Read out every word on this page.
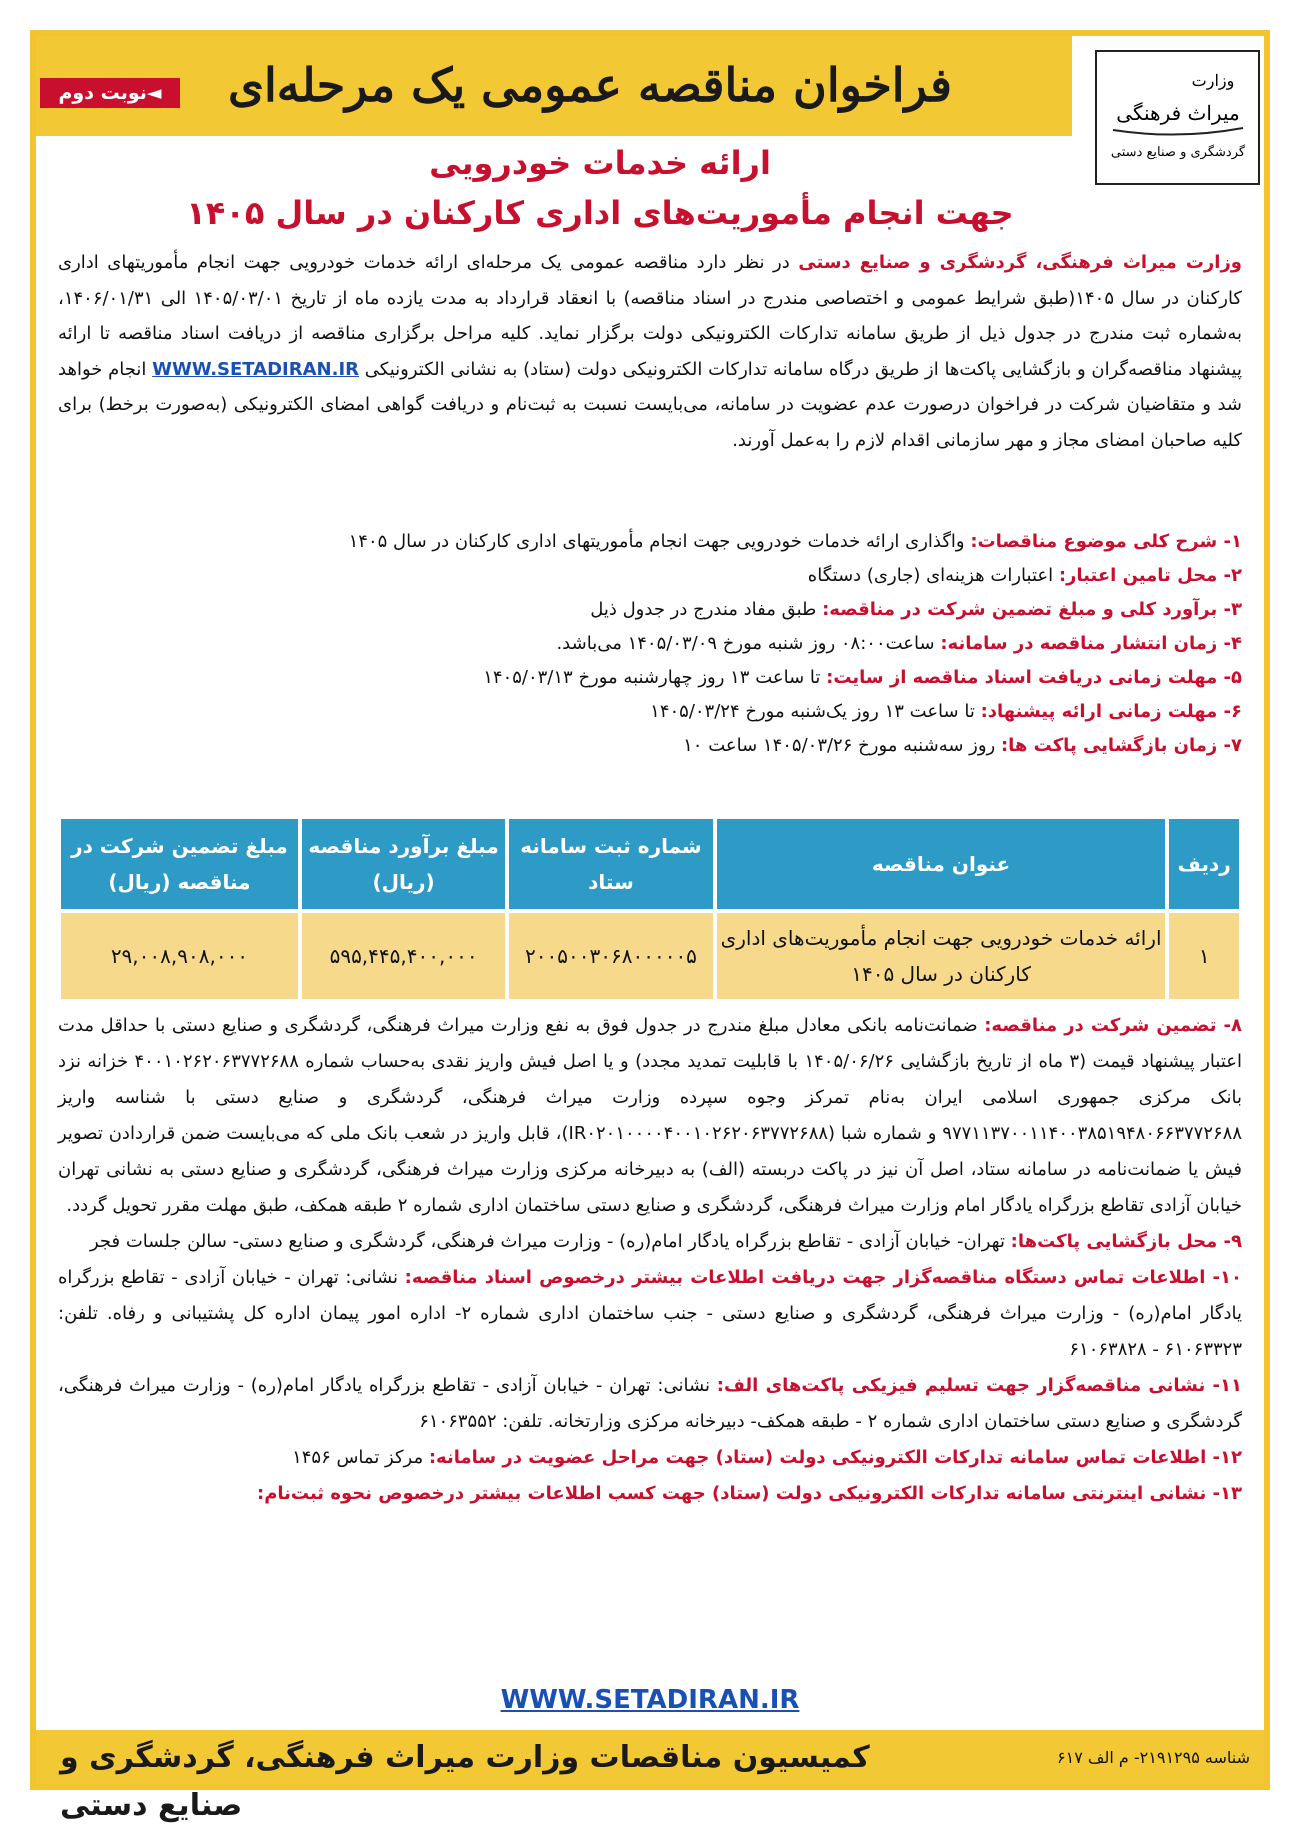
فراخوان مناقصه عمومی یک مرحله‌ای
◄نوبت دوم
وزارت
میراث فرهنگی
گردشگری و صنایع دستی
ارائه خدمات خودرویی
جهت انجام مأموریت‌های اداری کارکنان در سال ۱۴۰۵
وزارت میراث فرهنگی، گردشگری و صنایع دستی در نظر دارد مناقصه عمومی یک مرحله‌ای ارائه خدمات خودرویی جهت انجام مأموریتهای اداری کارکنان در سال ۱۴۰۵(طبق شرایط عمومی و اختصاصی مندرج در اسناد مناقصه) با انعقاد قرارداد به مدت یازده ماه از تاریخ ۱۴۰۵/۰۳/۰۱ الی ۱۴۰۶/۰۱/۳۱، به‌شماره ثبت مندرج در جدول ذیل از طریق سامانه تدارکات الکترونیکی دولت برگزار نماید. کلیه مراحل برگزاری مناقصه از دریافت اسناد مناقصه تا ارائه پیشنهاد مناقصه‌گران و بازگشایی پاکت‌ها از طریق درگاه سامانه تدارکات الکترونیکی دولت (ستاد) به نشانی الکترونیکی WWW.SETADIRAN.IR انجام خواهد شد و متقاضیان شرکت در فراخوان درصورت عدم عضویت در سامانه، می‌بایست نسبت به ثبت‌نام و دریافت گواهی امضای الکترونیکی (به‌صورت برخط) برای کلیه صاحبان امضای مجاز و مهر سازمانی اقدام لازم را به‌عمل آورند.
۱- شرح کلی موضوع مناقصات: واگذاری ارائه خدمات خودرویی جهت انجام مأموریتهای اداری کارکنان در سال ۱۴۰۵
۲- محل تامین اعتبار: اعتبارات هزینه‌ای (جاری) دستگاه
۳- برآورد کلی و مبلغ تضمین شرکت در مناقصه: طبق مفاد مندرج در جدول ذیل
۴- زمان انتشار مناقصه در سامانه: ساعت۰۸:۰۰ روز شنبه مورخ ۱۴۰۵/۰۳/۰۹ می‌باشد.
۵- مهلت زمانی دریافت اسناد مناقصه از سایت: تا ساعت ۱۳ روز چهارشنبه مورخ ۱۴۰۵/۰۳/۱۳
۶- مهلت زمانی ارائه پیشنهاد: تا ساعت ۱۳ روز یک‌شنبه مورخ ۱۴۰۵/۰۳/۲۴
۷- زمان بازگشایی پاکت ها: روز سه‌شنبه مورخ ۱۴۰۵/۰۳/۲۶ ساعت ۱۰
ردیف	عنوان مناقصه	شماره ثبت سامانه ستاد	مبلغ برآورد مناقصه (ریال)	مبلغ تضمین شرکت در مناقصه (ریال)
۱	ارائه خدمات خودرویی جهت انجام مأموریت‌های اداری کارکنان در سال ۱۴۰۵	۲۰۰۵۰۰۳۰۶۸۰۰۰۰۰۵	۵۹۵,۴۴۵,۴۰۰,۰۰۰	۲۹,۰۰۸,۹۰۸,۰۰۰

۸- تضمین شرکت در مناقصه: ضمانت‌نامه بانکی معادل مبلغ مندرج در جدول فوق به نفع وزارت میراث فرهنگی، گردشگری و صنایع دستی با حداقل مدت اعتبار پیشنهاد قیمت (۳ ماه از تاریخ بازگشایی ۱۴۰۵/۰۶/۲۶ با قابلیت تمدید مجدد) و یا اصل فیش واریز نقدی به‌حساب شماره ۴۰۰۱۰۲۶۲۰۶۳۷۷۲۶۸۸ خزانه نزد بانک مرکزی جمهوری اسلامی ایران به‌نام تمرکز وجوه سپرده وزارت میراث فرهنگی، گردشگری و صنایع دستی با شناسه واریز ۹۷۷۱۱۳۷۰۰۱۱۴۰۰۳۸۵۱۹۴۸۰۶۶۳۷۷۲۶۸۸ و شماره شبا (IR۰۲۰۱۰۰۰۰۴۰۰۱۰۲۶۲۰۶۳۷۷۲۶۸۸)، قابل واریز در شعب بانک ملی که می‌بایست ضمن قراردادن تصویر فیش یا ضمانت‌نامه در سامانه ستاد، اصل آن نیز در پاکت دربسته (الف) به دبیرخانه مرکزی وزارت میراث فرهنگی، گردشگری و صنایع دستی به نشانی تهران خیابان آزادی تقاطع بزرگراه یادگار امام وزارت میراث فرهنگی، گردشگری و صنایع دستی ساختمان اداری شماره ۲ طبقه همکف، طبق مهلت مقرر تحویل گردد.

۹- محل بازگشایی پاکت‌ها: تهران- خیابان آزادی - تقاطع بزرگراه یادگار امام(ره) - وزارت میراث فرهنگی، گردشگری و صنایع دستی- سالن جلسات فجر

۱۰- اطلاعات تماس دستگاه مناقصه‌گزار جهت دریافت اطلاعات بیشتر درخصوص اسناد مناقصه: نشانی: تهران - خیابان آزادی - تقاطع بزرگراه یادگار امام(ره) - وزارت میراث فرهنگی، گردشگری و صنایع دستی - جنب ساختمان اداری شماره ۲- اداره امور پیمان اداره کل پشتیبانی و رفاه. تلفن: ۶۱۰۶۳۳۲۳ - ۶۱۰۶۳۸۲۸

۱۱- نشانی مناقصه‌گزار جهت تسلیم فیزیکی پاکت‌های الف: نشانی: تهران - خیابان آزادی - تقاطع بزرگراه یادگار امام(ره) - وزارت میراث فرهنگی، گردشگری و صنایع دستی ساختمان اداری شماره ۲ - طبقه همکف- دبیرخانه مرکزی وزارتخانه. تلفن: ۶۱۰۶۳۵۵۲

۱۲- اطلاعات تماس سامانه تدارکات الکترونیکی دولت (ستاد) جهت مراحل عضویت در سامانه: مرکز تماس ۱۴۵۶

۱۳- نشانی اینترنتی سامانه تدارکات الکترونیکی دولت (ستاد) جهت کسب اطلاعات بیشتر درخصوص نحوه ثبت‌نام:

WWW.SETADIRAN.IR
کمیسیون مناقصات وزارت میراث فرهنگی، گردشگری و صنایع دستی
شناسه ۲۱۹۱۲۹۵- م الف ۶۱۷
